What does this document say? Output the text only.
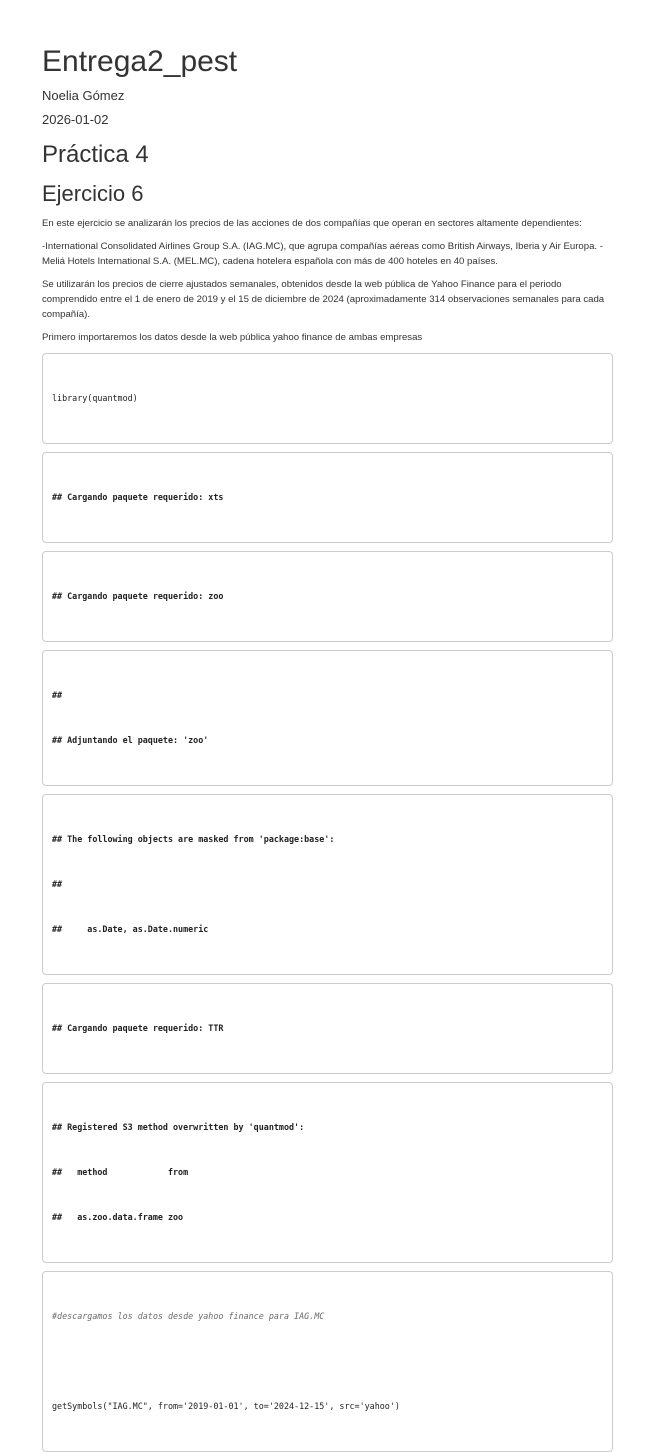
Entrega2_pest

Noelia Gómez

2026-01-02

Práctica 4
Ejercicio 6

En este ejercicio se analizarán los precios de las acciones de dos compañías que operan en sectores altamente dependientes:

-International Consolidated Airlines Group S.A. (IAG.MC), que agrupa compañías aéreas como British Airways, Iberia y Air Europa. -Meliá Hotels International S.A. (MEL.MC), cadena hotelera española con más de 400 hoteles en 40 países.

Se utilizarán los precios de cierre ajustados semanales, obtenidos desde la web pública de Yahoo Finance para el periodo comprendido entre el 1 de enero de 2019 y el 15 de diciembre de 2024 (aproximadamente 314 observaciones semanales para cada compañía).

Primero importaremos los datos desde la web pública yahoo finance de ambas empresas

library(quantmod)

## Cargando paquete requerido: xts

## Cargando paquete requerido: zoo

##

## Adjuntando el paquete: 'zoo'

## The following objects are masked from 'package:base':

##

##     as.Date, as.Date.numeric

## Cargando paquete requerido: TTR

## Registered S3 method overwritten by 'quantmod':

##   method            from

##   as.zoo.data.frame zoo

#descargamos los datos desde yahoo finance para IAG.MC

getSymbols("IAG.MC", from='2019-01-01', to='2024-12-15', src='yahoo')
